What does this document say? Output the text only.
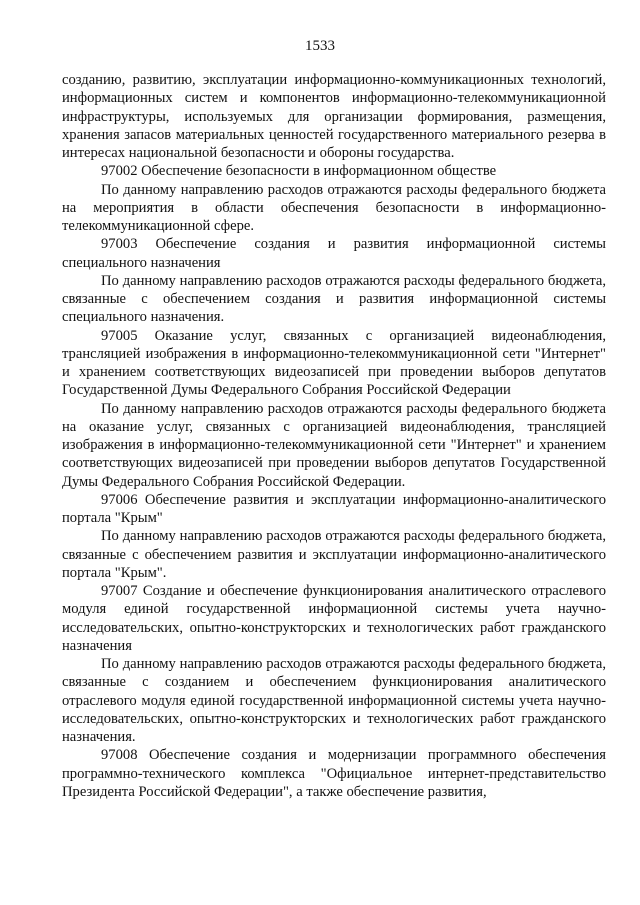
1533

созданию, развитию, эксплуатации информационно-коммуникационных технологий, информационных систем и компонентов информационно-телекоммуникационной инфраструктуры, используемых для организации формирования, размещения, хранения запасов материальных ценностей государственного материального резерва в интересах национальной безопасности и обороны государства.

97002 Обеспечение безопасности в информационном обществе

По данному направлению расходов отражаются расходы федерального бюджета на мероприятия в области обеспечения безопасности в информационно-телекоммуникационной сфере.

97003 Обеспечение создания и развития информационной системы специального назначения

По данному направлению расходов отражаются расходы федерального бюджета, связанные с обеспечением создания и развития информационной системы специального назначения.

97005 Оказание услуг, связанных с организацией видеонаблюдения, трансляцией изображения в информационно-телекоммуникационной сети "Интернет" и хранением соответствующих видеозаписей при проведении выборов депутатов Государственной Думы Федерального Собрания Российской Федерации

По данному направлению расходов отражаются расходы федерального бюджета на оказание услуг, связанных с организацией видеонаблюдения, трансляцией изображения в информационно-телекоммуникационной сети "Интернет" и хранением соответствующих видеозаписей при проведении выборов депутатов Государственной Думы Федерального Собрания Российской Федерации.

97006 Обеспечение развития и эксплуатации информационно-аналитического портала "Крым"

По данному направлению расходов отражаются расходы федерального бюджета, связанные с обеспечением развития и эксплуатации информационно-аналитического портала "Крым".

97007 Создание и обеспечение функционирования аналитического отраслевого модуля единой государственной информационной системы учета научно-исследовательских, опытно-конструкторских и технологических работ гражданского назначения

По данному направлению расходов отражаются расходы федерального бюджета, связанные с созданием и обеспечением функционирования аналитического отраслевого модуля единой государственной информационной системы учета научно-исследовательских, опытно-конструкторских и технологических работ гражданского назначения.

97008 Обеспечение создания и модернизации программного обеспечения программно-технического комплекса "Официальное интернет-представительство Президента Российской Федерации", а также обеспечение развития,
